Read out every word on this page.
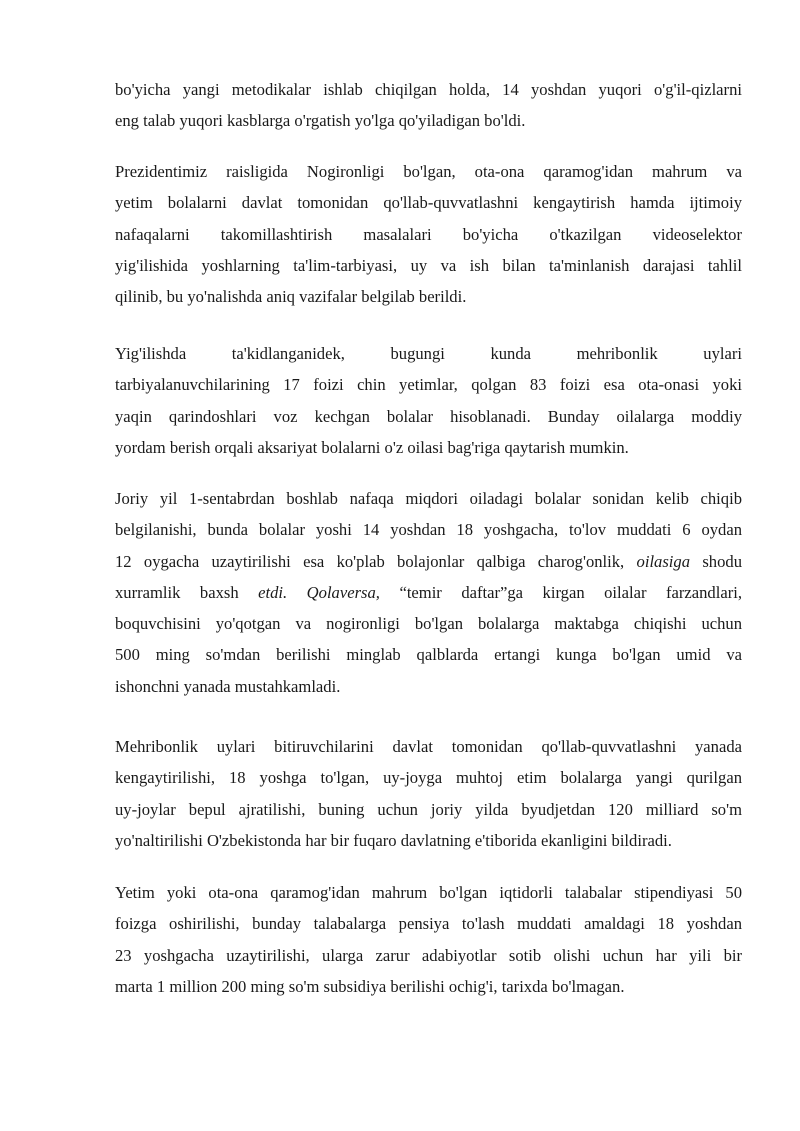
bo'yicha yangi metodikalar ishlab chiqilgan holda, 14 yoshdan yuqori o'g'il-qizlarni
eng talab yuqori kasblarga o'rgatish yo'lga qo'yiladigan bo'ldi.

Prezidentimiz raisligida Nogironligi bo'lgan, ota-ona qaramog'idan mahrum va
yetim bolalarni davlat tomonidan qo'llab-quvvatlashni kengaytirish hamda ijtimoiy
nafaqalarni takomillashtirish masalalari bo'yicha o'tkazilgan videoselektor
yig'ilishida yoshlarning ta'lim-tarbiyasi, uy va ish bilan ta'minlanish darajasi tahlil
qilinib, bu yo'nalishda aniq vazifalar belgilab berildi.

Yig'ilishda ta'kidlanganidek, bugungi kunda mehribonlik uylari
tarbiyalanuvchilarining 17 foizi chin yetimlar, qolgan 83 foizi esa ota-onasi yoki
yaqin qarindoshlari voz kechgan bolalar hisoblanadi. Bunday oilalarga moddiy
yordam berish orqali aksariyat bolalarni o'z oilasi bag'riga qaytarish mumkin.

Joriy yil 1-sentabrdan boshlab nafaqa miqdori oiladagi bolalar sonidan kelib chiqib
belgilanishi, bunda bolalar yoshi 14 yoshdan 18 yoshgacha, to'lov muddati 6 oydan
12 oygacha uzaytirilishi esa ko'plab bolajonlar qalbiga charog'onlik, oilasiga shodu
xurramlik baxsh etdi. Qolaversa, “temir daftar”ga kirgan oilalar farzandlari,
boquvchisini yo'qotgan va nogironligi bo'lgan bolalarga maktabga chiqishi uchun
500 ming so'mdan berilishi minglab qalblarda ertangi kunga bo'lgan umid va
ishonchni yanada mustahkamladi.

Mehribonlik uylari bitiruvchilarini davlat tomonidan qo'llab-quvvatlashni yanada
kengaytirilishi, 18 yoshga to'lgan, uy-joyga muhtoj etim bolalarga yangi qurilgan
uy-joylar bepul ajratilishi, buning uchun joriy yilda byudjetdan 120 milliard so'm
yo'naltirilishi O'zbekistonda har bir fuqaro davlatning e'tiborida ekanligini bildiradi.

Yetim yoki ota-ona qaramog'idan mahrum bo'lgan iqtidorli talabalar stipendiyasi 50
foizga oshirilishi, bunday talabalarga pensiya to'lash muddati amaldagi 18 yoshdan
23 yoshgacha uzaytirilishi, ularga zarur adabiyotlar sotib olishi uchun har yili bir
marta 1 million 200 ming so'm subsidiya berilishi ochig'i, tarixda bo'lmagan.
